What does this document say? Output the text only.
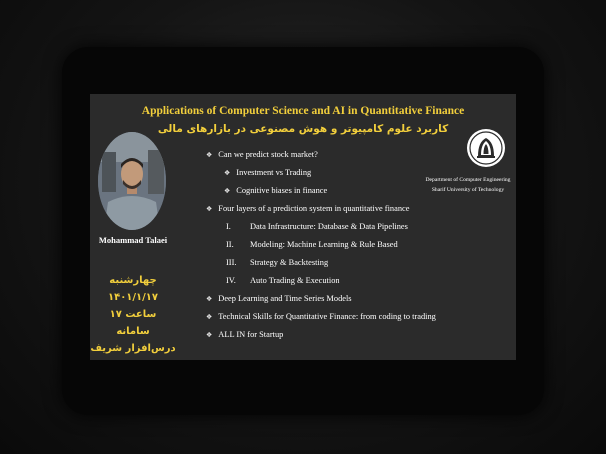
Applications of Computer Science and AI in Quantitative Finance
کاربرد علوم کامپیوتر و هوش مصنوعی در بازارهای مالی
Mohammad Talaei
چهارشنبه ۱۴۰۱/۱/۱۷
ساعت ۱۷
سامانه درس‌افزار شریف
Department of Computer Engineering
Sharif University of Technology
❖ Can we predict stock market?
❖ Investment vs Trading
❖ Cognitive biases in finance
❖ Four layers of a prediction system in quantitative finance
I. Data Infrastructure: Database & Data Pipelines
II. Modeling: Machine Learning & Rule Based
III. Strategy & Backtesting
IV. Auto Trading & Execution
❖ Deep Learning and Time Series Models
❖ Technical Skills for Quantitative Finance: from coding to trading
❖ ALL IN for Startup
